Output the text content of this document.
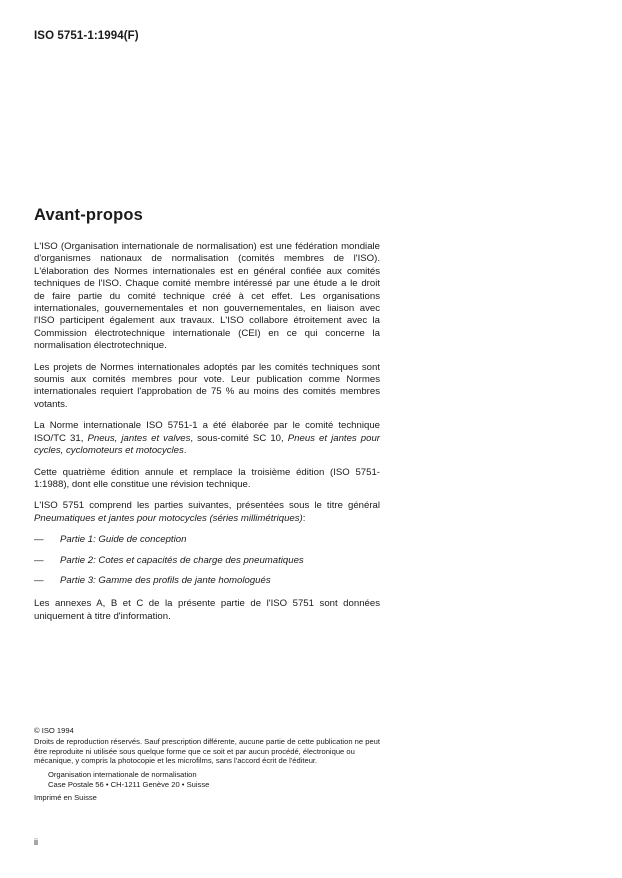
ISO 5751-1:1994(F)
Avant-propos

L'ISO (Organisation internationale de normalisation) est une fédération mondiale d'organismes nationaux de normalisation (comités membres de l'ISO). L'élaboration des Normes internationales est en général confiée aux comités techniques de l'ISO. Chaque comité membre intéressé par une étude a le droit de faire partie du comité technique créé à cet effet. Les organisations internationales, gouvernementales et non gouvernementales, en liaison avec l'ISO participent également aux travaux. L'ISO collabore étroitement avec la Commission électrotechnique internationale (CEI) en ce qui concerne la normalisation électrotechnique.

Les projets de Normes internationales adoptés par les comités techniques sont soumis aux comités membres pour vote. Leur publication comme Normes internationales requiert l'approbation de 75 % au moins des comités membres votants.

La Norme internationale ISO 5751-1 a été élaborée par le comité technique ISO/TC 31, Pneus, jantes et valves, sous-comité SC 10, Pneus et jantes pour cycles, cyclomoteurs et motocycles.

Cette quatrième édition annule et remplace la troisième édition (ISO 5751-1:1988), dont elle constitue une révision technique.

L'ISO 5751 comprend les parties suivantes, présentées sous le titre général Pneumatiques et jantes pour motocycles (séries millimétriques):

— Partie 1: Guide de conception
— Partie 2: Cotes et capacités de charge des pneumatiques
— Partie 3: Gamme des profils de jante homologués

Les annexes A, B et C de la présente partie de l'ISO 5751 sont données uniquement à titre d'information.

© ISO 1994

Droits de reproduction réservés. Sauf prescription différente, aucune partie de cette publication ne peut être reproduite ni utilisée sous quelque forme que ce soit et par aucun procédé, électronique ou mécanique, y compris la photocopie et les microfilms, sans l'accord écrit de l'éditeur.

Organisation internationale de normalisation

Case Postale 56 • CH-1211 Genève 20 • Suisse

Imprimé en Suisse

ii
